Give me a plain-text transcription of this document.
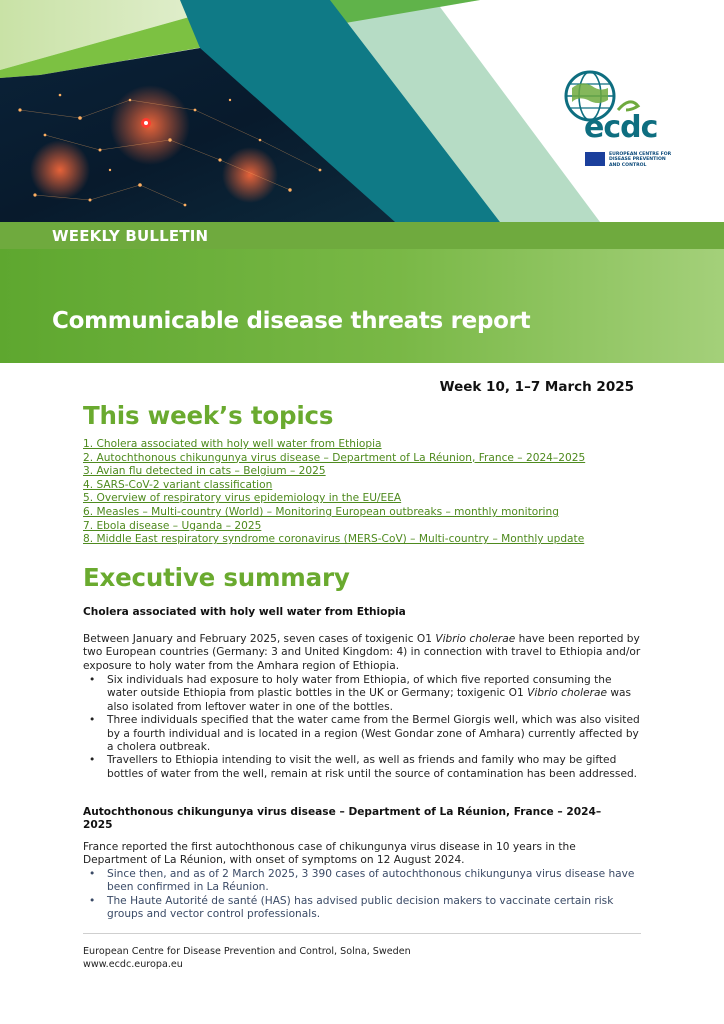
ecdc
EUROPEAN CENTRE FOR
DISEASE PREVENTION
AND CONTROL
WEEKLY BULLETIN
Communicable disease threats report
Week 10, 1–7 March 2025
This week’s topics
1. Cholera associated with holy well water from Ethiopia
2. Autochthonous chikungunya virus disease – Department of La Réunion, France – 2024–2025
3. Avian flu detected in cats – Belgium – 2025
4. SARS-CoV-2 variant classification
5. Overview of respiratory virus epidemiology in the EU/EEA
6. Measles – Multi-country (World) – Monitoring European outbreaks – monthly monitoring
7. Ebola disease – Uganda – 2025
8. Middle East respiratory syndrome coronavirus (MERS-CoV) – Multi-country – Monthly update
Executive summary
Cholera associated with holy well water from Ethiopia

Between January and February 2025, seven cases of toxigenic O1 Vibrio cholerae have been reported by two European countries (Germany: 3 and United Kingdom: 4) in connection with travel to Ethiopia and/or exposure to holy water from the Amhara region of Ethiopia.

• Six individuals had exposure to holy water from Ethiopia, of which five reported consuming the water outside Ethiopia from plastic bottles in the UK or Germany; toxigenic O1 Vibrio cholerae was also isolated from leftover water in one of the bottles.
• Three individuals specified that the water came from the Bermel Giorgis well, which was also visited by a fourth individual and is located in a region (West Gondar zone of Amhara) currently affected by a cholera outbreak.
• Travellers to Ethiopia intending to visit the well, as well as friends and family who may be gifted bottles of water from the well, remain at risk until the source of contamination has been addressed.
Autochthonous chikungunya virus disease – Department of La Réunion, France – 2024–2025

France reported the first autochthonous case of chikungunya virus disease in 10 years in the Department of La Réunion, with onset of symptoms on 12 August 2024.

• Since then, and as of 2 March 2025, 3 390 cases of autochthonous chikungunya virus disease have been confirmed in La Réunion.
• The Haute Autorité de santé (HAS) has advised public decision makers to vaccinate certain risk groups and vector control professionals.
European Centre for Disease Prevention and Control, Solna, Sweden
www.ecdc.europa.eu
